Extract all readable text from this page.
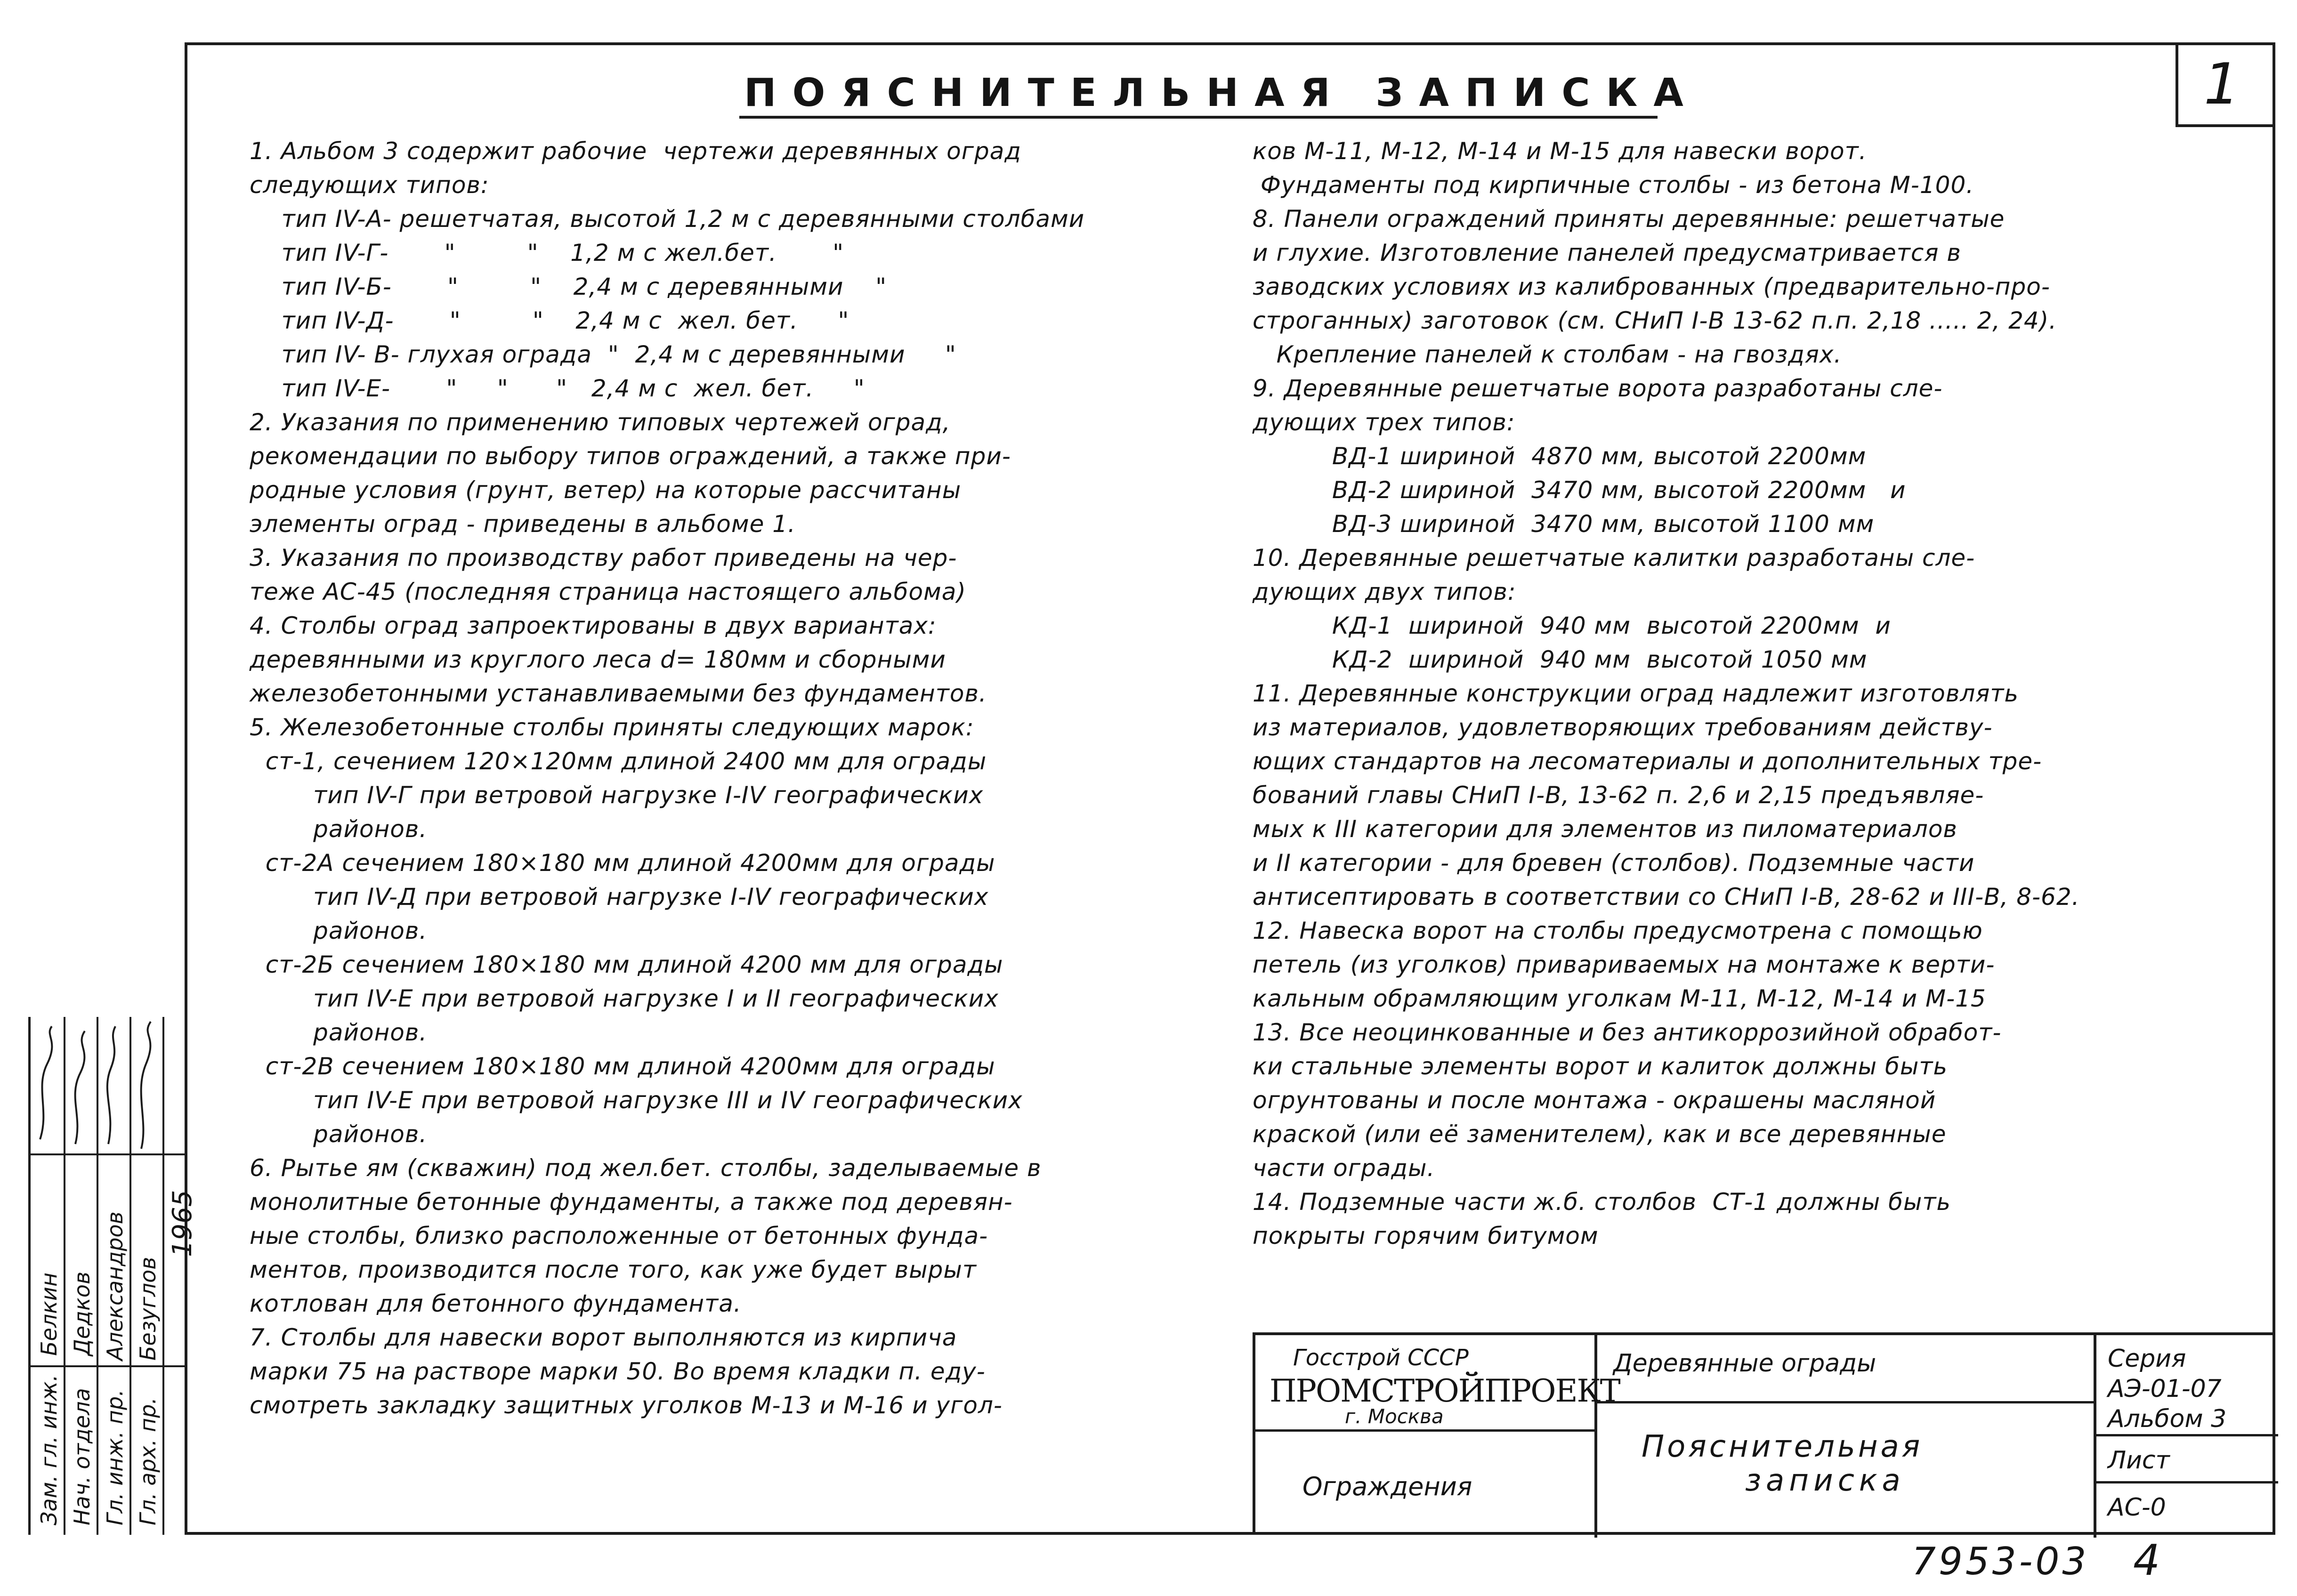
1
ПОЯСНИТЕЛЬНАЯ ЗАПИСКА
1. Альбом 3 содержит рабочие  чертежи деревянных оград
следующих типов:
тип IV-А- решетчатая, высотой 1,2 м с деревянными столбами
тип IV-Г-       "         "    1,2 м с жел.бет.       "
тип IV-Б-       "         "    2,4 м с деревянными    "
тип IV-Д-       "         "    2,4 м с  жел. бет.     "
тип IV- В- глухая ограда  "  2,4 м с деревянными     "
тип IV-Е-       "     "      "   2,4 м с  жел. бет.     "
2. Указания по применению типовых чертежей оград,
рекомендации по выбору типов ограждений, а также при-
родные условия (грунт, ветер) на которые рассчитаны
элементы оград - приведены в альбоме 1.
3. Указания по производству работ приведены на чер-
теже АС-45 (последняя страница настоящего альбома)
4. Столбы оград запроектированы в двух вариантах:
деревянными из круглого леса d= 180мм и сборными
железобетонными устанавливаемыми без фундаментов.
5. Железобетонные столбы приняты следующих марок:
ст-1, сечением 120×120мм длиной 2400 мм для ограды
тип IV-Г при ветровой нагрузке I-IV географических
районов.
ст-2А сечением 180×180 мм длиной 4200мм для ограды
тип IV-Д при ветровой нагрузке I-IV географических
районов.
ст-2Б сечением 180×180 мм длиной 4200 мм для ограды
тип IV-Е при ветровой нагрузке I и II географических
районов.
ст-2В сечением 180×180 мм длиной 4200мм для ограды
тип IV-Е при ветровой нагрузке III и IV географических
районов.
6. Рытье ям (скважин) под жел.бет. столбы, заделываемые в
монолитные бетонные фундаменты, а также под деревян-
ные столбы, близко расположенные от бетонных фунда-
ментов, производится после того, как уже будет вырыт
котлован для бетонного фундамента.
7. Столбы для навески ворот выполняются из кирпича
марки 75 на растворе марки 50. Во время кладки п. еду-
смотреть закладку защитных уголков М-13 и М-16 и угол-
ков М-11, М-12, М-14 и М-15 для навески ворот.
Фундаменты под кирпичные столбы - из бетона М-100.
8. Панели ограждений приняты деревянные: решетчатые
и глухие. Изготовление панелей предусматривается в
заводских условиях из калиброванных (предварительно-про-
строганных) заготовок (см. СНиП I-В 13-62 п.п. 2,18 ..... 2, 24).
Крепление панелей к столбам - на гвоздях.
9. Деревянные решетчатые ворота разработаны сле-
дующих трех типов:
ВД-1 шириной  4870 мм, высотой 2200мм
ВД-2 шириной  3470 мм, высотой 2200мм   и
ВД-3 шириной  3470 мм, высотой 1100 мм
10. Деревянные решетчатые калитки разработаны сле-
дующих двух типов:
КД-1  шириной  940 мм  высотой 2200мм  и
КД-2  шириной  940 мм  высотой 1050 мм
11. Деревянные конструкции оград надлежит изготовлять
из материалов, удовлетворяющих требованиям действу-
ющих стандартов на лесоматериалы и дополнительных тре-
бований главы СНиП I-В, 13-62 п. 2,6 и 2,15 предъявляе-
мых к III категории для элементов из пиломатериалов
и II категории - для бревен (столбов). Подземные части
антисептировать в соответствии со СНиП I-В, 28-62 и III-В, 8-62.
12. Навеска ворот на столбы предусмотрена с помощью
петель (из уголков) привариваемых на монтаже к верти-
кальным обрамляющим уголкам М-11, М-12, М-14 и М-15
13. Все неоцинкованные и без антикоррозийной обработ-
ки стальные элементы ворот и калиток должны быть
огрунтованы и после монтажа - окрашены масляной
краской (или её заменителем), как и все деревянные
части ограды.
14. Подземные части ж.б. столбов  СТ-1 должны быть
покрыты горячим битумом
Зам. гл. инж. Нач. отдела Гл. инж. пр. Гл. арх. пр.
Белкин Дедков Александров Безуглов
1965
Госстрой СССР
ПРОМСТРОЙПРОЕКТ
г. Москва
Ограждения
Деревянные ограды
Пояснительная
записка
Серия
АЭ-01-07
Альбом 3
Лист
АС-0
7953-03 4
